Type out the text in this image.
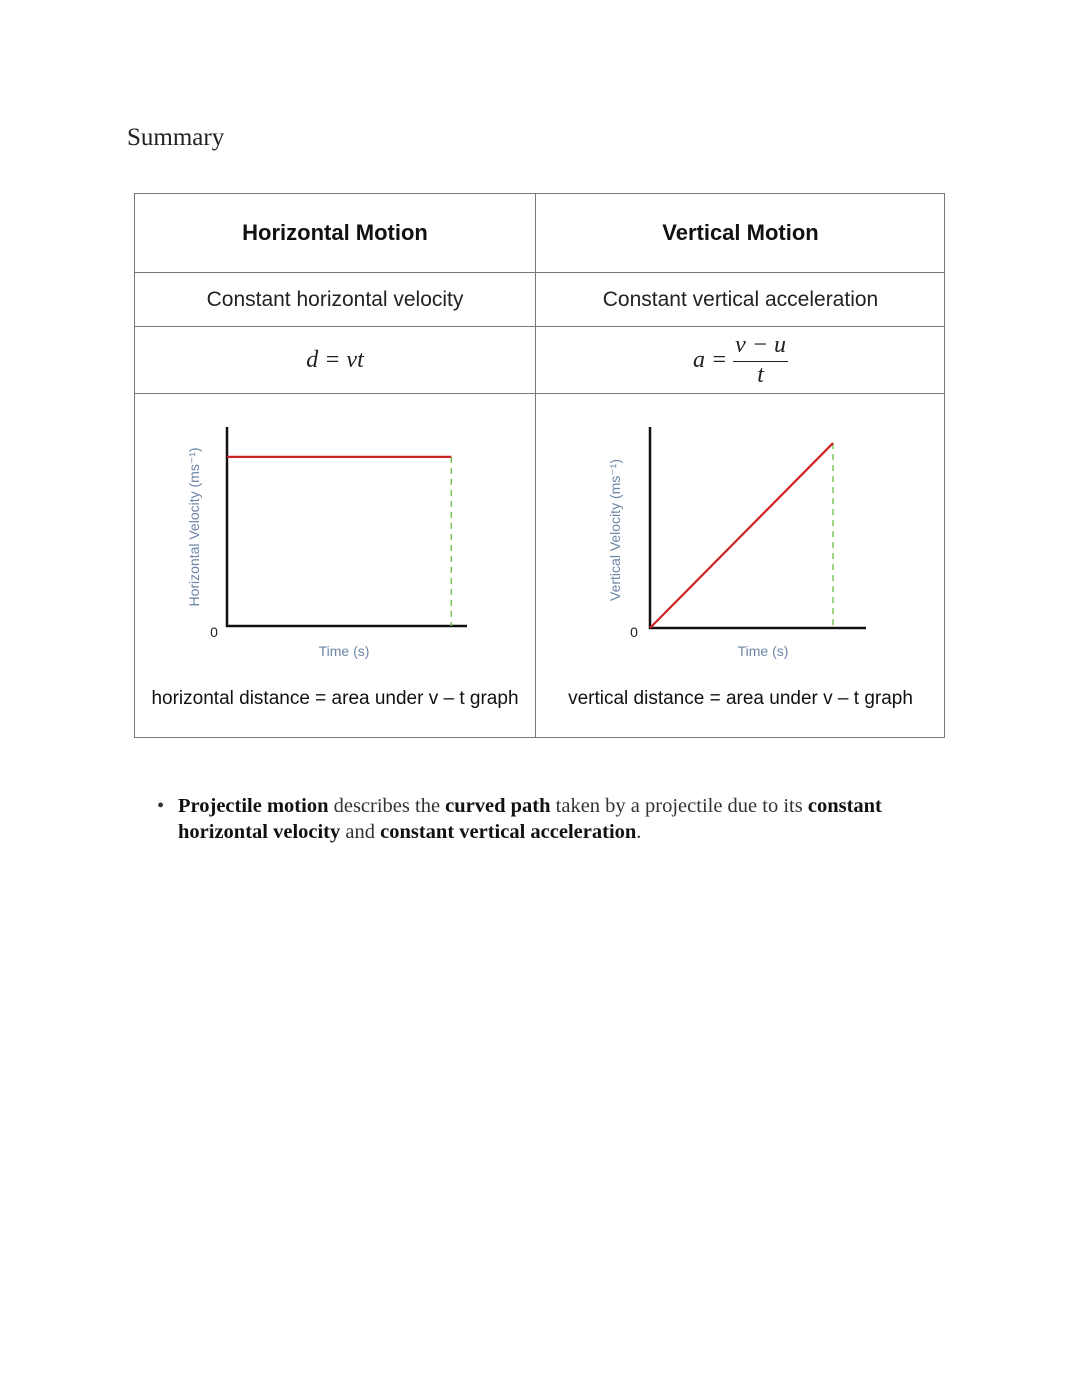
Summary
Horizontal Motion	Vertical Motion
Constant horizontal velocity	Constant vertical acceleration
d = vt	$a = \frac{v - u}{t}$
horizontal distance = area under v – t graph	vertical distance = area under v – t graph
0
Time (s)
Horizontal Velocity (ms⁻¹)
0
Time (s)
Vertical Velocity (ms⁻¹)
• Projectile motion describes the curved path taken by a projectile due to its constant horizontal velocity and constant vertical acceleration.
